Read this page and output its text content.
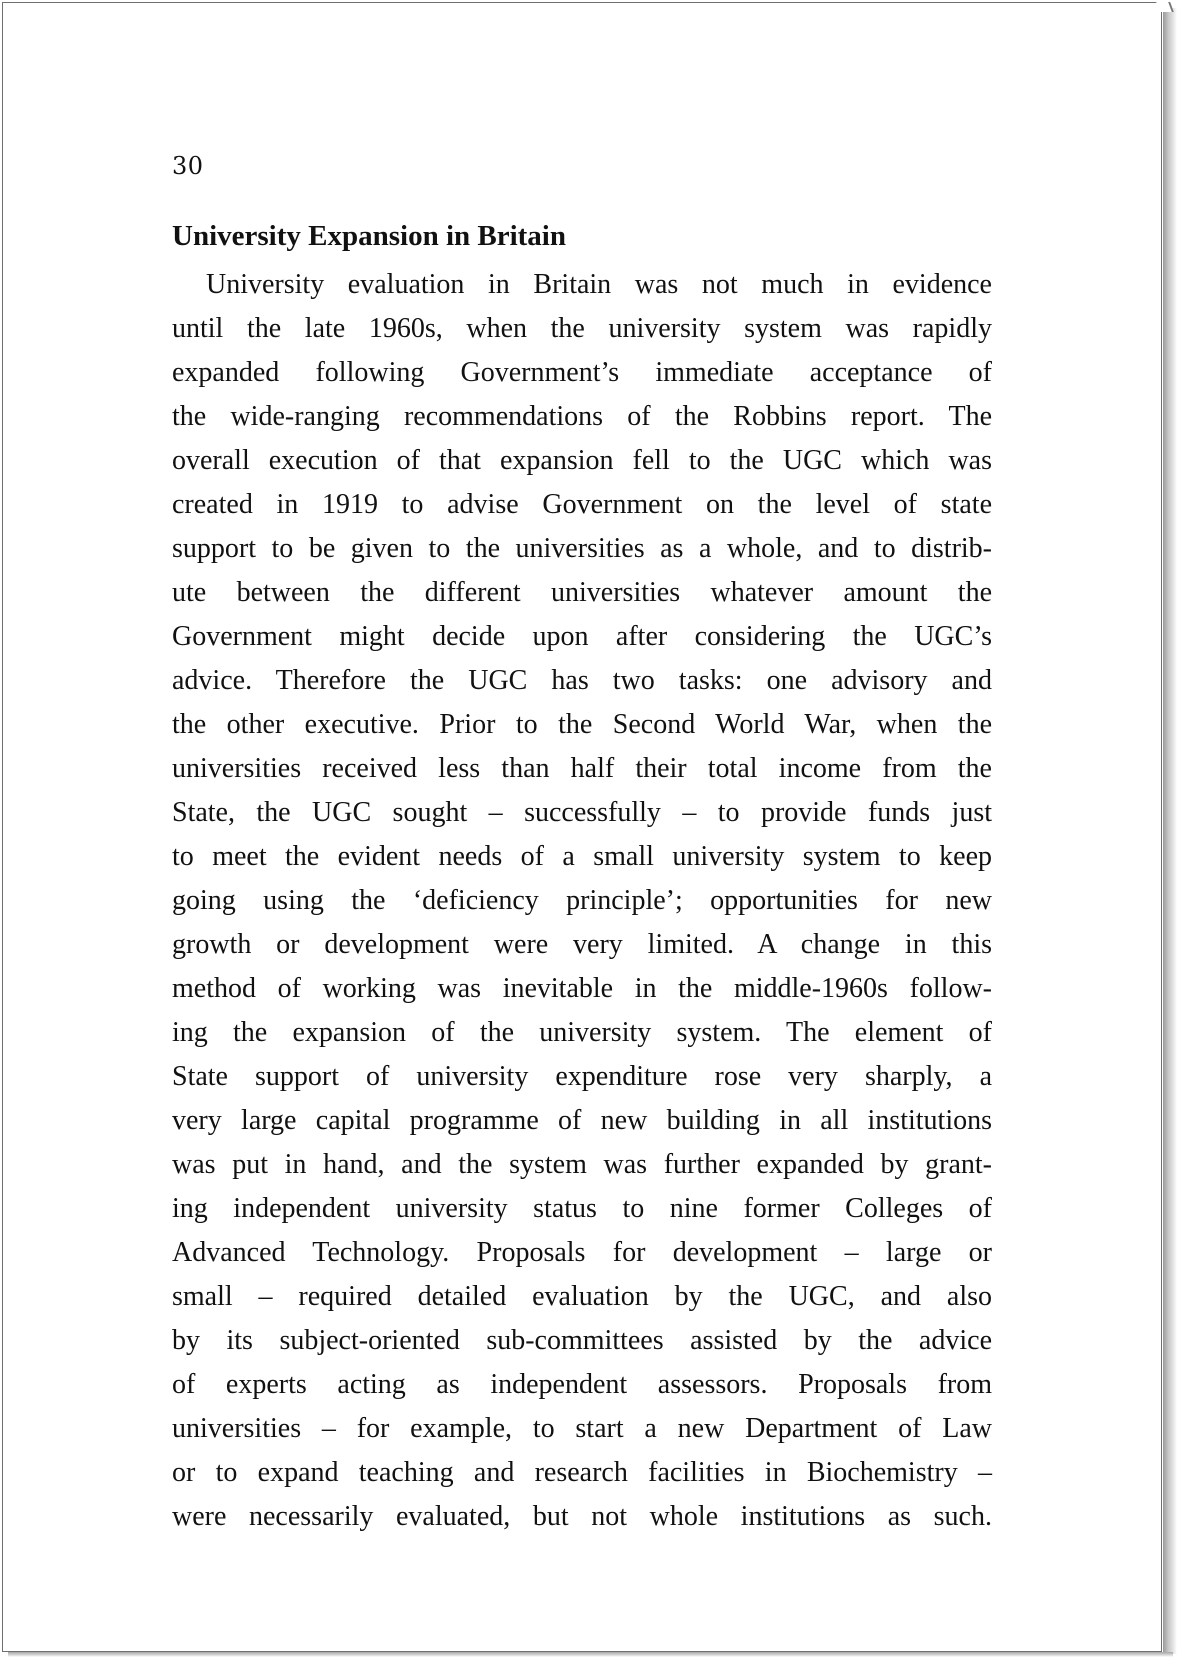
30
University Expansion in Britain
University evaluation in Britain was not much in evidence
until the late 1960s, when the university system was rapidly
expanded following Government’s immediate acceptance of
the wide-ranging recommendations of the Robbins report. The
overall execution of that expansion fell to the UGC which was
created in 1919 to advise Government on the level of state
support to be given to the universities as a whole, and to distrib-
ute between the different universities whatever amount the
Government might decide upon after considering the UGC’s
advice. Therefore the UGC has two tasks: one advisory and
the other executive. Prior to the Second World War, when the
universities received less than half their total income from the
State, the UGC sought – successfully – to provide funds just
to meet the evident needs of a small university system to keep
going using the ‘deficiency principle’; opportunities for new
growth or development were very limited. A change in this
method of working was inevitable in the middle-1960s follow-
ing the expansion of the university system. The element of
State support of university expenditure rose very sharply, a
very large capital programme of new building in all institutions
was put in hand, and the system was further expanded by grant-
ing independent university status to nine former Colleges of
Advanced Technology. Proposals for development – large or
small – required detailed evaluation by the UGC, and also
by its subject-oriented sub-committees assisted by the advice
of experts acting as independent assessors. Proposals from
universities – for example, to start a new Department of Law
or to expand teaching and research facilities in Biochemistry –
were necessarily evaluated, but not whole institutions as such.
